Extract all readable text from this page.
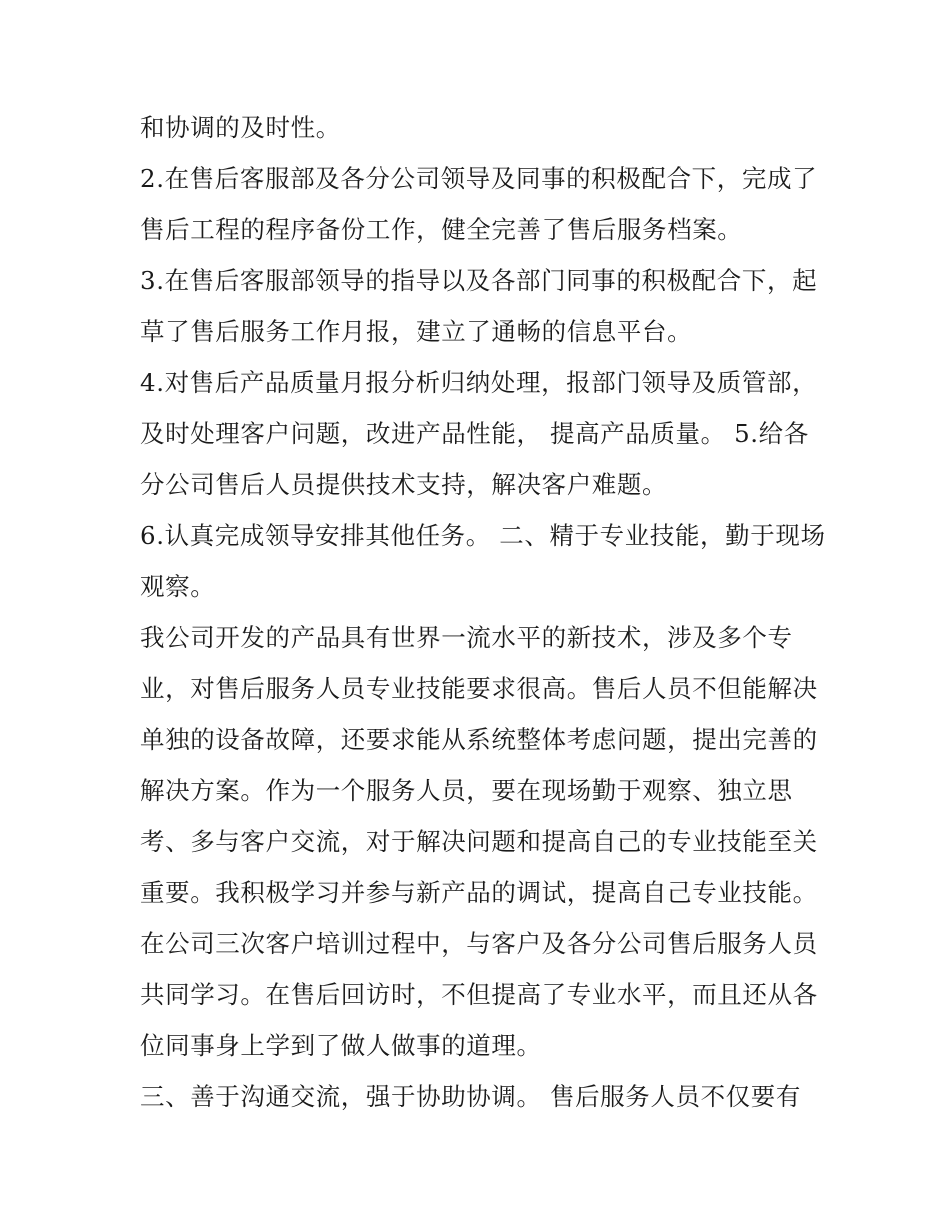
和协调的及时性。
2.在售后客服部及各分公司领导及同事的积极配合下，完成了
售后工程的程序备份工作，健全完善了售后服务档案。
3.在售后客服部领导的指导以及各部门同事的积极配合下，起
草了售后服务工作月报，建立了通畅的信息平台。
4.对售后产品质量月报分析归纳处理，报部门领导及质管部，
及时处理客户问题，改进产品性能， 提高产品质量。 5.给各
分公司售后人员提供技术支持，解决客户难题。
6.认真完成领导安排其他任务。 二、精于专业技能，勤于现场
观察。
我公司开发的产品具有世界一流水平的新技术，涉及多个专
业，对售后服务人员专业技能要求很高。售后人员不但能解决
单独的设备故障，还要求能从系统整体考虑问题，提出完善的
解决方案。作为一个服务人员，要在现场勤于观察、独立思
考、多与客户交流，对于解决问题和提高自己的专业技能至关
重要。我积极学习并参与新产品的调试，提高自己专业技能。
在公司三次客户培训过程中，与客户及各分公司售后服务人员
共同学习。在售后回访时，不但提高了专业水平，而且还从各
位同事身上学到了做人做事的道理。
三、善于沟通交流，强于协助协调。 售后服务人员不仅要有
